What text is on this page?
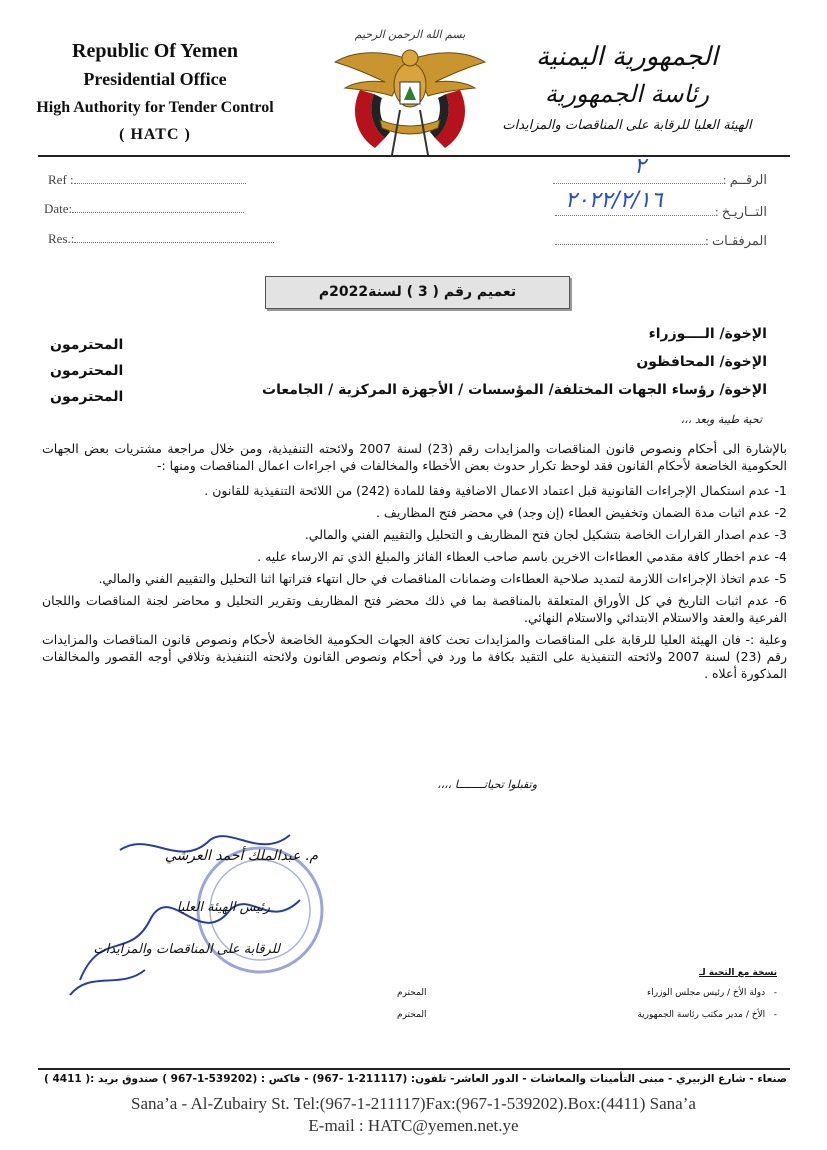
Republic Of Yemen
Presidential Office
High Authority for Tender Control
( HATC )
بسم الله الرحمن الرحيم
الجمهورية اليمنية
رئاسة الجمهورية
الهيئة العليا للرقابة على المناقصات والمزايدات
Ref :
Date:
Res.:
الرقــم :
٢
التــاريـخ :
٢٠٢٢/٢/١٦
المرفقـات :
تعميم رقم ( 3 ) لسنة2022م
الإخوة/ الــــوزراء
الإخوة/ المحافظون
الإخوة/ رؤساء الجهات المختلفة/ المؤسسات / الأجهزة المركزية / الجامعات
المحترمون
المحترمون
المحترمون
تحية طيبة وبعد ،،،

بالإشارة الى أحكام ونصوص قانون المناقصات والمزايدات رقم (23) لسنة 2007 ولائحته التنفيذية، ومن خلال مراجعة مشتريات بعض الجهات الحكومية الخاضعة لأحكام القانون فقد لوحظ تكرار حدوث بعض الأخطاء والمخالفات في اجراءات اعمال المناقصات ومنها :-

1- عدم استكمال الإجراءات القانونية قبل اعتماد الاعمال الاضافية وفقا للمادة (242) من اللائحة التنفيذية للقانون .

2- عدم اثبات مدة الضمان وتخفيض العطاء (إن وجد) في محضر فتح المظاريف .

3- عدم اصدار القرارات الخاصة بتشكيل لجان فتح المظاريف و التحليل والتقييم الفني والمالي.

4- عدم اخطار كافة مقدمي العطاءات الاخرين باسم صاحب العطاء الفائز والمبلغ الذي تم الارساء عليه .

5- عدم اتخاذ الإجراءات اللازمة لتمديد صلاحية العطاءات وضمانات المناقصات في حال انتهاء فتراتها اثنا التحليل والتقييم الفني والمالي.

6- عدم اثبات التاريخ في كل الأوراق المتعلقة بالمناقصة بما في ذلك محضر فتح المظاريف وتقرير التحليل و محاضر لجنة المناقصات واللجان الفرعية والعقد والاستلام الابتدائي والاستلام النهائي.

وعلية :- فان الهيئة العليا للرقابة على المناقصات والمزايدات تحث كافة الجهات الحكومية الخاضعة لأحكام ونصوص قانون المناقصات والمزايدات رقم (23) لسنة 2007 ولائحته التنفيذية على التقيد بكافة ما ورد في أحكام ونصوص القانون ولائحته التنفيذية وتلافي أوجه القصور والمخالفات المذكورة أعلاه .

وتقبلوا تحياتــــــــا ،،،،
م. عبدالملك أحمد العرشي
رئيس الهيئة العليا
للرقابة على المناقصات والمزايدات
نسخة مع التحية لـ
-   دولة الأخ / رئيس مجلس الوزراء
المحترم
-   الأخ / مدير مكتب رئاسة الجمهورية
المحترم
صنعاء - شارع الزبيري - مبنى التأمينات والمعاشات - الدور العاشر- تلفون: (211117-1 -967) - فاكس : (539202-1-967 ) صندوق بريد :( 4411 )
Sana’a - Al-Zubairy St. Tel:(967-1-211117)Fax:(967-1-539202).Box:(4411) Sana’a
E-mail : HATC@yemen.net.ye
